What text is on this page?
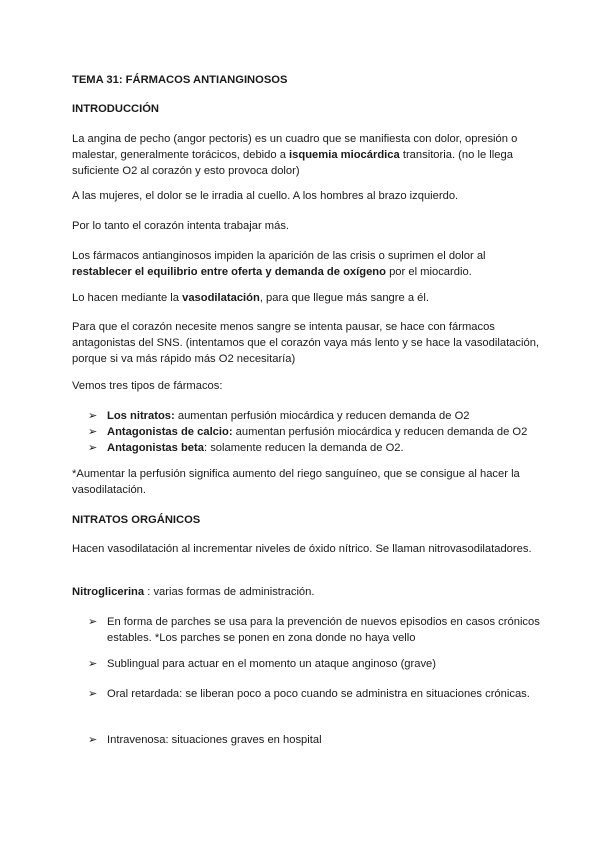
TEMA 31: FÁRMACOS ANTIANGINOSOS

INTRODUCCIÓN

La angina de pecho (angor pectoris) es un cuadro que se manifiesta con dolor, opresión o malestar, generalmente torácicos, debido a isquemia miocárdica transitoria. (no le llega suficiente O2 al corazón y esto provoca dolor)

A las mujeres, el dolor se le irradia al cuello. A los hombres al brazo izquierdo.

Por lo tanto el corazón intenta trabajar más.

Los fármacos antianginosos impiden la aparición de las crisis o suprimen el dolor al restablecer el equilibrio entre oferta y demanda de oxígeno por el miocardio.

Lo hacen mediante la vasodilatación, para que llegue más sangre a él.

Para que el corazón necesite menos sangre se intenta pausar, se hace con fármacos antagonistas del SNS. (intentamos que el corazón vaya más lento y se hace la vasodilatación, porque si va más rápido más O2 necesitaría)

Vemos tres tipos de fármacos:

➢ Los nitratos: aumentan perfusión miocárdica y reducen demanda de O2
➢ Antagonistas de calcio: aumentan perfusión miocárdica y reducen demanda de O2
➢ Antagonistas beta: solamente reducen la demanda de O2.

*Aumentar la perfusión significa aumento del riego sanguíneo, que se consigue al hacer la vasodilatación.

NITRATOS ORGÁNICOS

Hacen vasodilatación al incrementar niveles de óxido nítrico. Se llaman nitrovasodilatadores.

Nitroglicerina : varias formas de administración.

➢ En forma de parches se usa para la prevención de nuevos episodios en casos crónicos estables. *Los parches se ponen en zona donde no haya vello
➢ Sublingual para actuar en el momento un ataque anginoso (grave)
➢ Oral retardada: se liberan poco a poco cuando se administra en situaciones crónicas.
➢ Intravenosa: situaciones graves en hospital
